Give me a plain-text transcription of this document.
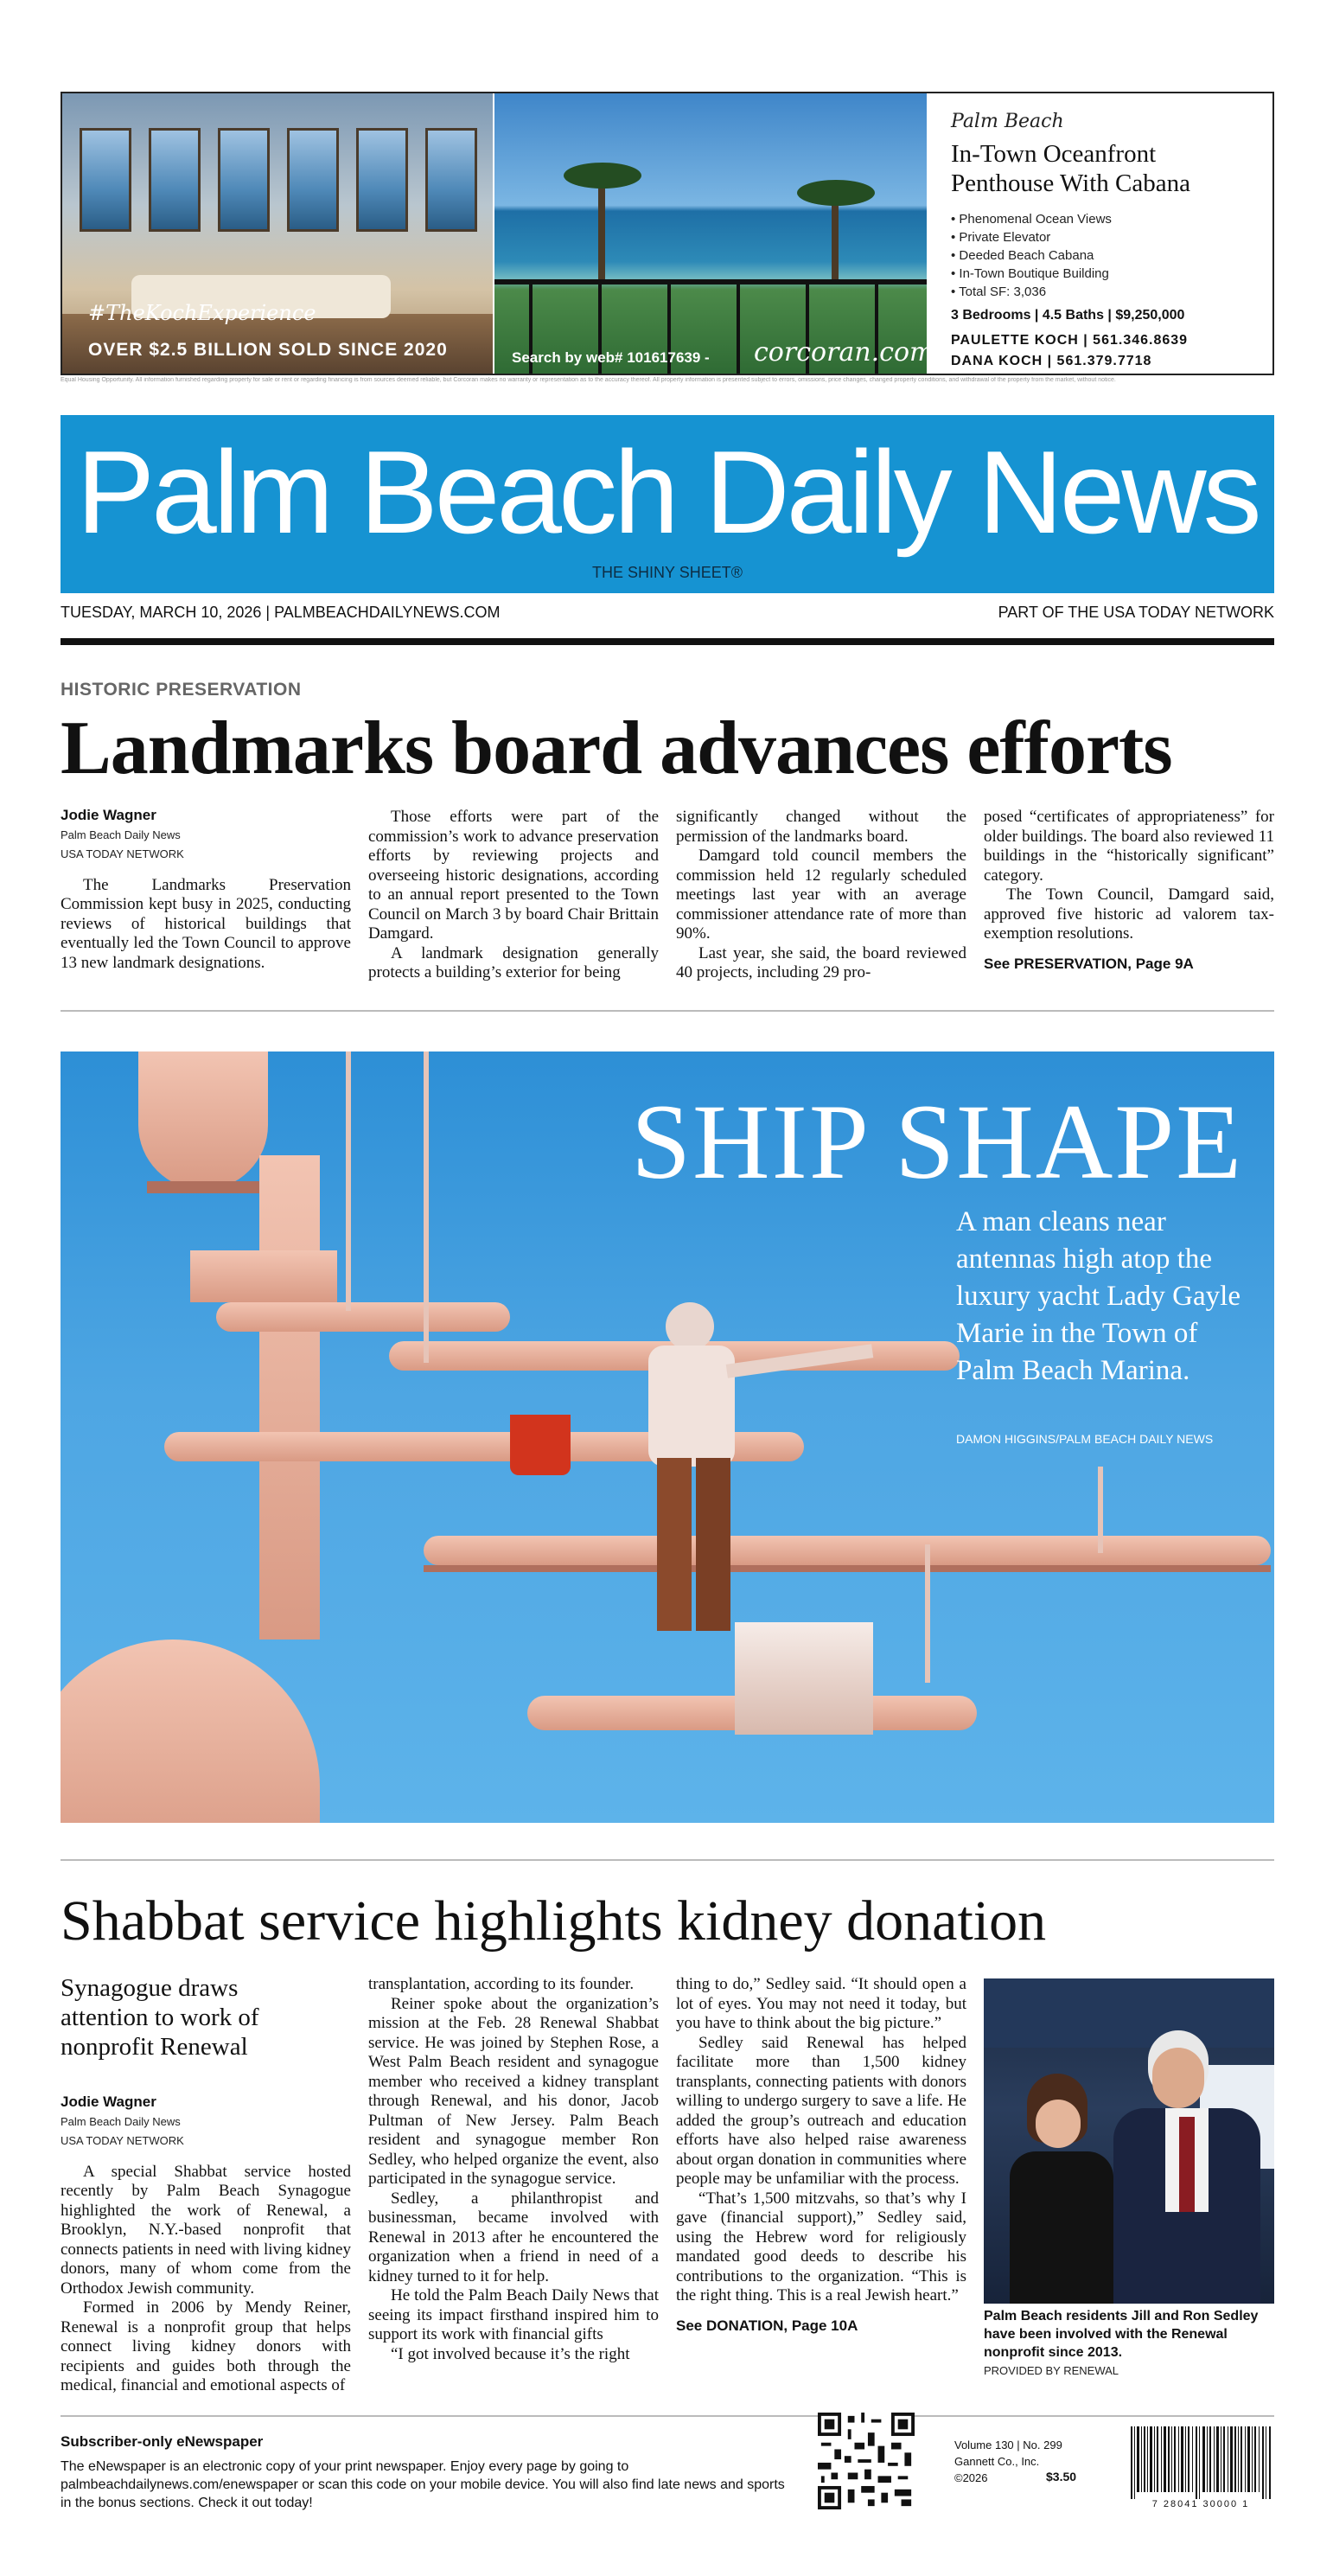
#TheKochExperience
OVER $2.5 BILLION SOLD SINCE 2020	Search by web# 101617639 - corcoran.com
Palm Beach
In-Town Oceanfront
Penthouse With Cabana
• Phenomenal Ocean Views
• Private Elevator
• Deeded Beach Cabana
• In-Town Boutique Building
• Total SF: 3,036
3 Bedrooms | 4.5 Baths | $9,250,000
PAULETTE KOCH | 561.346.8639
DANA KOCH | 561.379.7718
Equal Housing Opportunity. All information furnished regarding property for sale or rent or regarding financing is from sources deemed reliable, but Corcoran makes no warranty or representation as to the accuracy thereof. All property information is presented subject to errors, omissions, price changes, changed property conditions, and withdrawal of the property from the market, without notice.
Palm Beach Daily News
THE SHINY SHEET®
TUESDAY, MARCH 10, 2026 | PALMBEACHDAILYNEWS.COM	PART OF THE USA TODAY NETWORK
HISTORIC PRESERVATION
Landmarks board advances efforts
Jodie Wagner
Palm Beach Daily News
USA TODAY NETWORK

The Landmarks Preservation Commission kept busy in 2025, conducting reviews of historical buildings that eventually led the Town Council to approve 13 new landmark designations.

Those efforts were part of the commission’s work to advance preservation efforts by reviewing projects and overseeing historic designations, according to an annual report presented to the Town Council on March 3 by board Chair Brittain Damgard.

A landmark designation generally protects a building’s exterior for being

significantly changed without the permission of the landmarks board.

Damgard told council members the commission held 12 regularly scheduled meetings last year with an average commissioner attendance rate of more than 90%.

Last year, she said, the board reviewed 40 projects, including 29 pro-

posed “certificates of appropriateness” for older buildings. The board also reviewed 11 buildings in the “historically significant” category.

The Town Council, Damgard said, approved five historic ad valorem tax-exemption resolutions.

See PRESERVATION, Page 9A
SHIP SHAPE
A man cleans near antennas high atop the luxury yacht Lady Gayle Marie in the Town of Palm Beach Marina.
DAMON HIGGINS/PALM BEACH DAILY NEWS
Shabbat service highlights kidney donation
Synagogue draws attention to work of nonprofit Renewal
Jodie Wagner
Palm Beach Daily News
USA TODAY NETWORK

A special Shabbat service hosted recently by Palm Beach Synagogue highlighted the work of Renewal, a Brooklyn, N.Y.-based nonprofit that connects patients in need with living kidney donors, many of whom come from the Orthodox Jewish community.

Formed in 2006 by Mendy Reiner, Renewal is a nonprofit group that helps connect living kidney donors with recipients and guides both through the medical, financial and emotional aspects of

transplantation, according to its founder.

Reiner spoke about the organization’s mission at the Feb. 28 Renewal Shabbat service. He was joined by Stephen Rose, a West Palm Beach resident and synagogue member who received a kidney transplant through Renewal, and his donor, Jacob Pultman of New Jersey. Palm Beach resident and synagogue member Ron Sedley, who helped organize the event, also participated in the synagogue service.

Sedley, a philanthropist and businessman, became involved with Renewal in 2013 after he encountered the organization when a friend in need of a kidney turned to it for help.

He told the Palm Beach Daily News that seeing its impact firsthand inspired him to support its work with financial gifts

“I got involved because it’s the right

thing to do,” Sedley said. “It should open a lot of eyes. You may not need it today, but you have to think about the big picture.”

Sedley said Renewal has helped facilitate more than 1,500 kidney transplants, connecting patients with donors willing to undergo surgery to save a life. He added the group’s outreach and education efforts have also helped raise awareness about organ donation in communities where people may be unfamiliar with the process.

“That’s 1,500 mitzvahs, so that’s why I gave (financial support),” Sedley said, using the Hebrew word for religiously mandated good deeds to describe his contributions to the organization. “This is the right thing. This is a real Jewish heart.”

See DONATION, Page 10A
Palm Beach residents Jill and Ron Sedley have been involved with the Renewal nonprofit since 2013.
PROVIDED BY RENEWAL
Subscriber-only eNewspaper
The eNewspaper is an electronic copy of your print newspaper. Enjoy every page by going to palmbeachdailynews.com/enewspaper or scan this code on your mobile device. You will also find late news and sports in the bonus sections. Check it out today!
Volume 130 | No. 299
Gannett Co., Inc.
©2026	$3.50
7 28041 30000 1
